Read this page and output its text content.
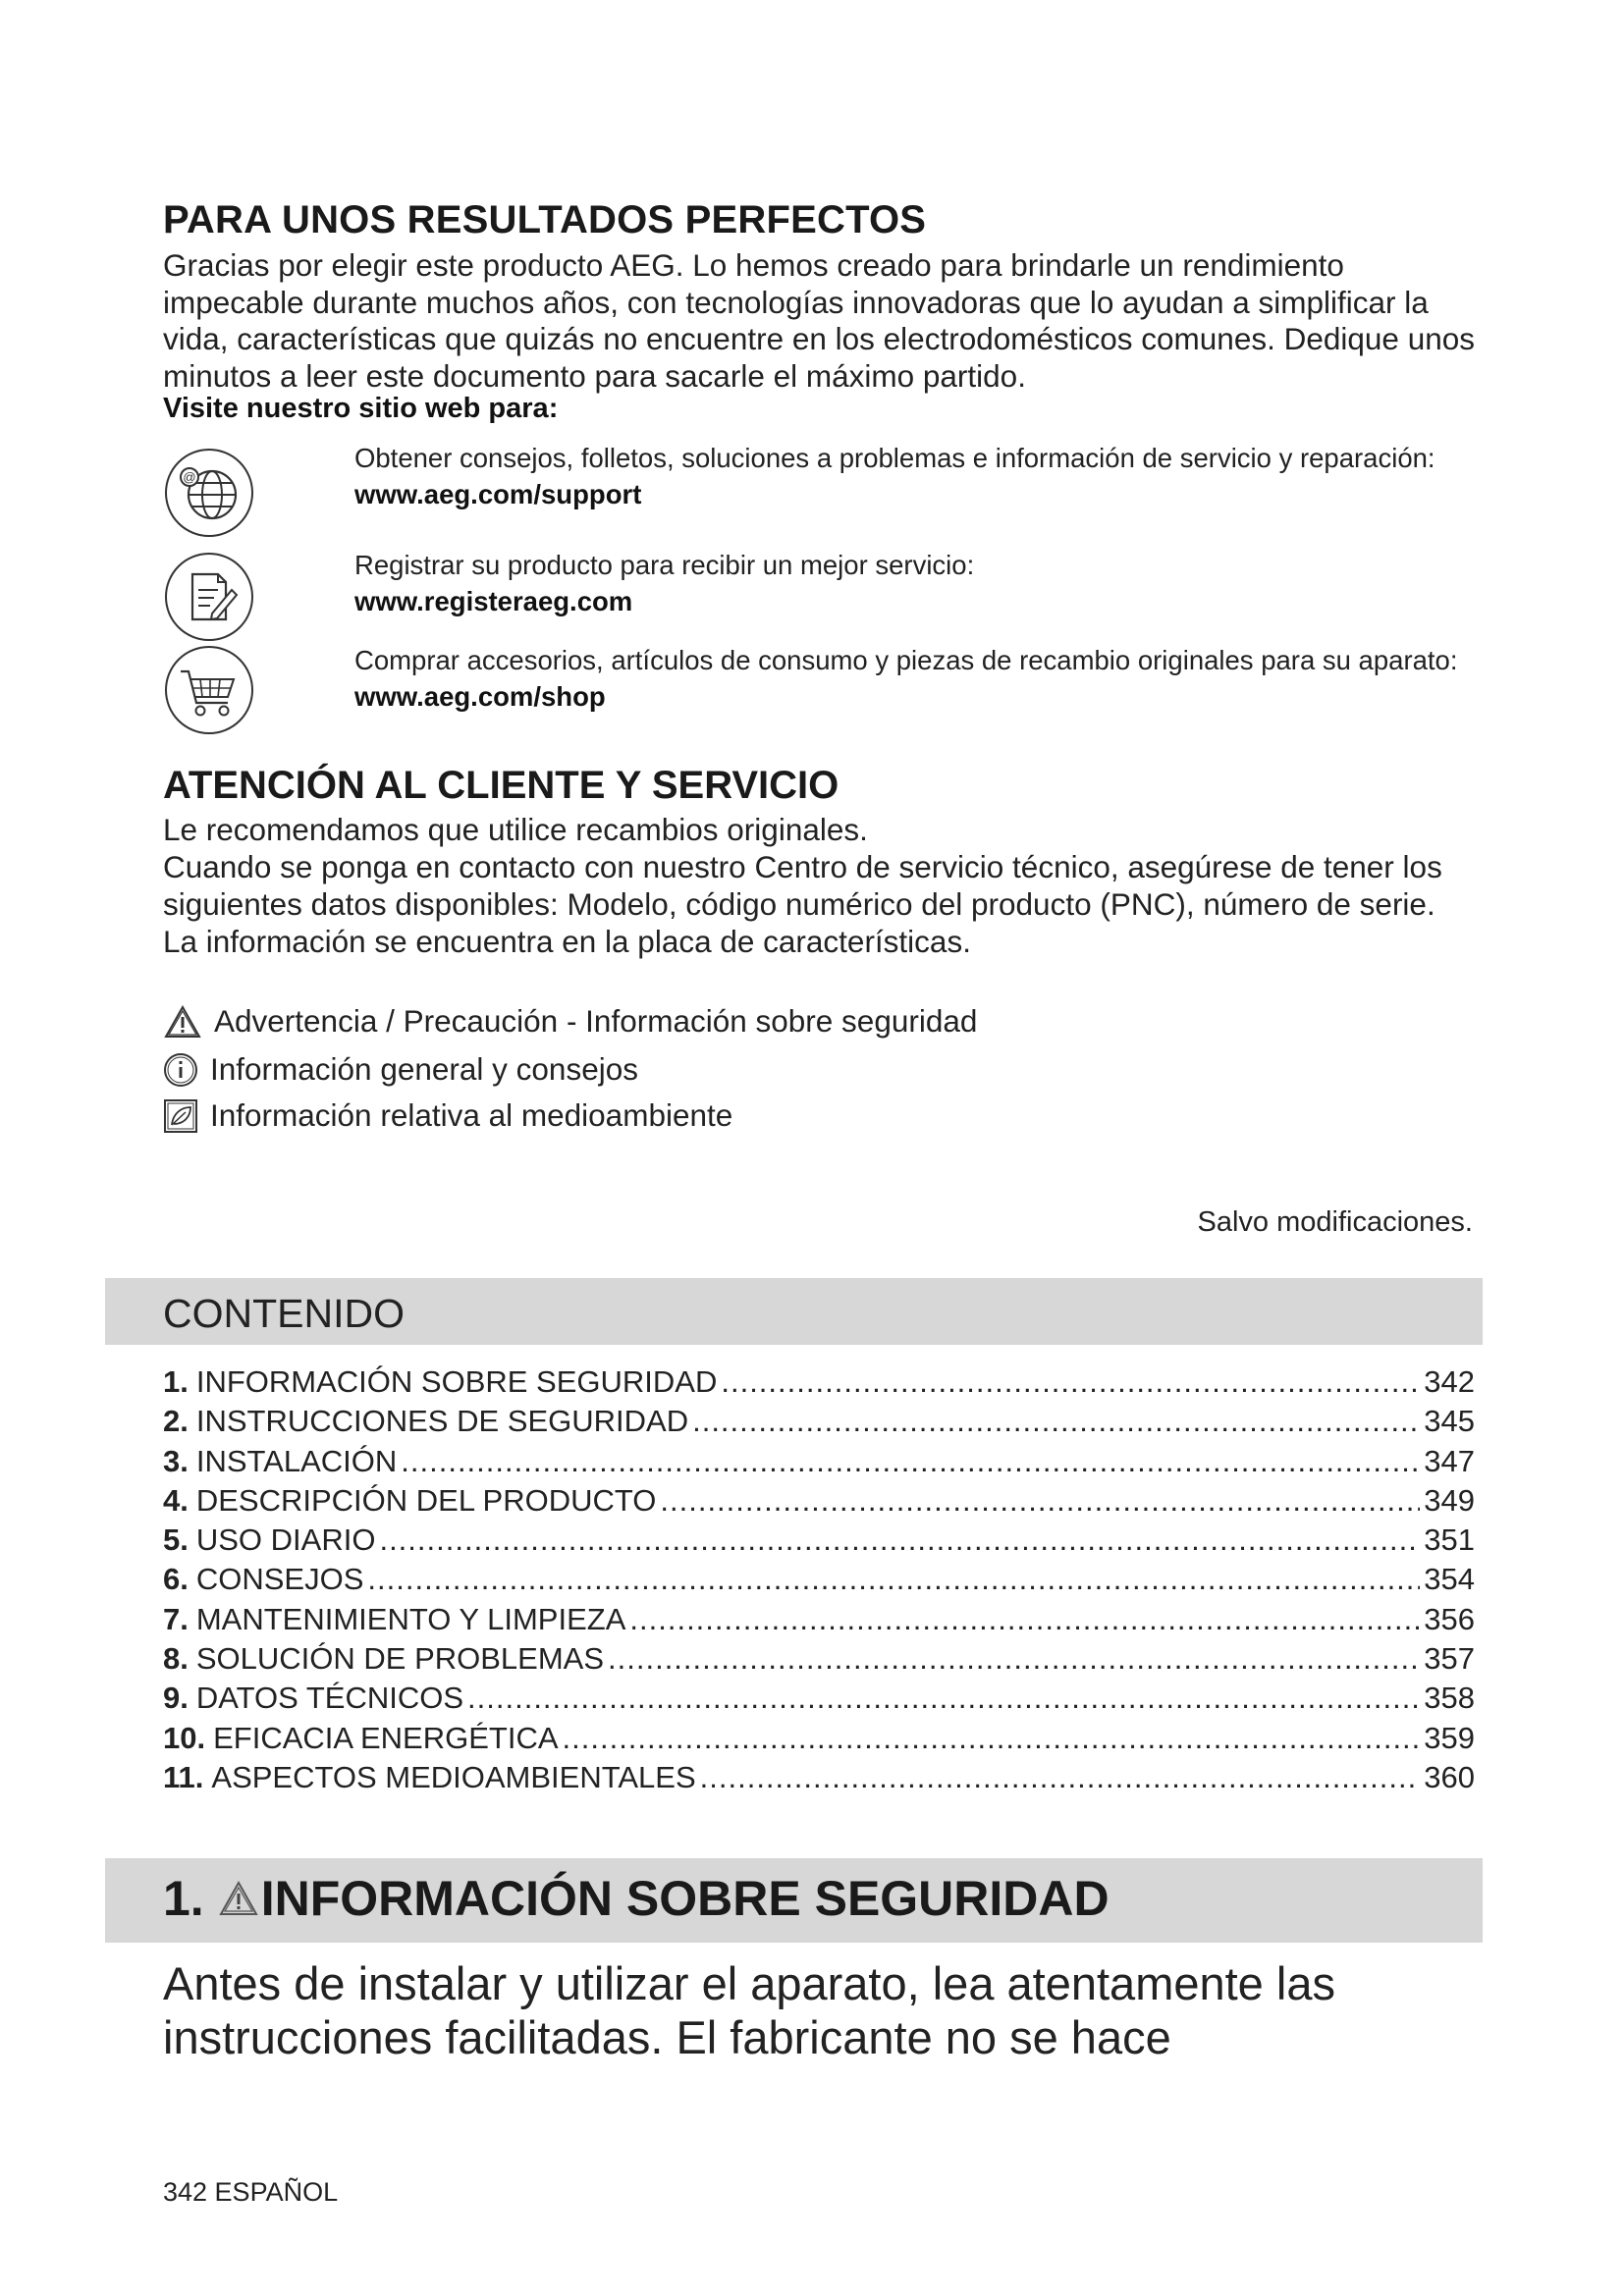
PARA UNOS RESULTADOS PERFECTOS
Gracias por elegir este producto AEG. Lo hemos creado para brindarle un rendimiento impecable durante muchos años, con tecnologías innovadoras que lo ayudan a simplificar la vida, características que quizás no encuentre en los electrodomésticos comunes. Dedique unos minutos a leer este documento para sacarle el máximo partido.
Visite nuestro sitio web para:
@
Obtener consejos, folletos, soluciones a problemas e información de servicio y reparación:
www.aeg.com/support
Registrar su producto para recibir un mejor servicio:
www.registeraeg.com
Comprar accesorios, artículos de consumo y piezas de recambio originales para su aparato:
www.aeg.com/shop
ATENCIÓN AL CLIENTE Y SERVICIO

Le recomendamos que utilice recambios originales.

Cuando se ponga en contacto con nuestro Centro de servicio técnico, asegúrese de tener los siguientes datos disponibles: Modelo, código numérico del producto (PNC), número de serie.

La información se encuentra en la placa de características.

Advertencia / Precaución - Información sobre seguridad
Información general y consejos
Información relativa al medioambiente
Salvo modificaciones.
CONTENIDO
1. INFORMACIÓN SOBRE SEGURIDAD .....	342
2. INSTRUCCIONES DE SEGURIDAD .....	345
3. INSTALACIÓN .....	347
4. DESCRIPCIÓN DEL PRODUCTO .....	349
5. USO DIARIO .....	351
6. CONSEJOS .....	354
7. MANTENIMIENTO Y LIMPIEZA .....	356
8. SOLUCIÓN DE PROBLEMAS .....	357
9. DATOS TÉCNICOS .....	358
10. EFICACIA ENERGÉTICA .....	359
11. ASPECTOS MEDIOAMBIENTALES .....	360
1. INFORMACIÓN SOBRE SEGURIDAD
Antes de instalar y utilizar el aparato, lea atentamente las instrucciones facilitadas. El fabricante no se hace
342 ESPAÑOL
